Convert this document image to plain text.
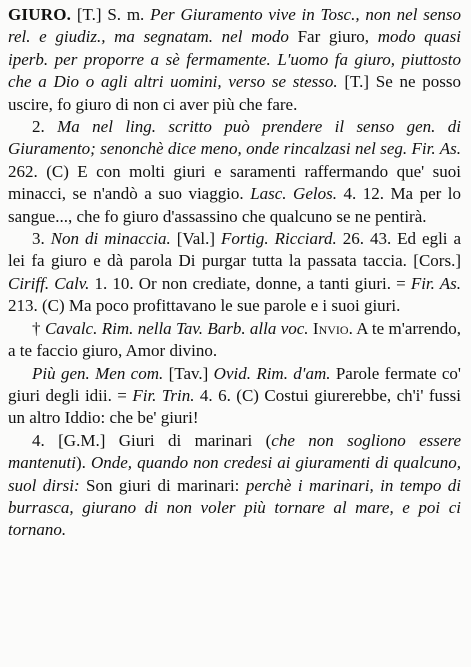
GIURO. [T.] S. m. Per Giuramento vive in Tosc., non nel senso rel. e giudiz., ma segnatam. nel modo Far giuro, modo quasi iperb. per proporre a sè fermamente. L'uomo fa giuro, piuttosto che a Dio o agli altri uomini, verso se stesso. [T.] Se ne posso uscire, fo giuro di non ci aver più che fare.

2. Ma nel ling. scritto può prendere il senso gen. di Giuramento; senonchè dice meno, onde rincalzasi nel seg. Fir. As. 262. (C) E con molti giuri e saramenti raffermando que' suoi minacci, se n'andò a suo viaggio. Lasc. Gelos. 4. 12. Ma per lo sangue..., che fo giuro d'assassino che qualcuno se ne pentirà.

3. Non di minaccia. [Val.] Fortig. Ricciard. 26. 43. Ed egli a lei fa giuro e dà parola Di purgar tutta la passata taccia. [Cors.] Ciriff. Calv. 1. 10. Or non crediate, donne, a tanti giuri. = Fir. As. 213. (C) Ma poco profittavano le sue parole e i suoi giuri.

† Cavalc. Rim. nella Tav. Barb. alla voc. Invio. A te m'arrendo, a te faccio giuro, Amor divino.

Più gen. Men com. [Tav.] Ovid. Rim. d'am. Parole fermate co' giuri degli idii. = Fir. Trin. 4. 6. (C) Costui giurerebbe, ch'i' fussi un altro Iddio: che be' giuri!

4. [G.M.] Giuri di marinari (che non sogliono essere mantenuti). Onde, quando non credesi ai giuramenti di qualcuno, suol dirsi: Son giuri di marinari: perchè i marinari, in tempo di burrasca, giurano di non voler più tornare al mare, e poi ci tornano.
